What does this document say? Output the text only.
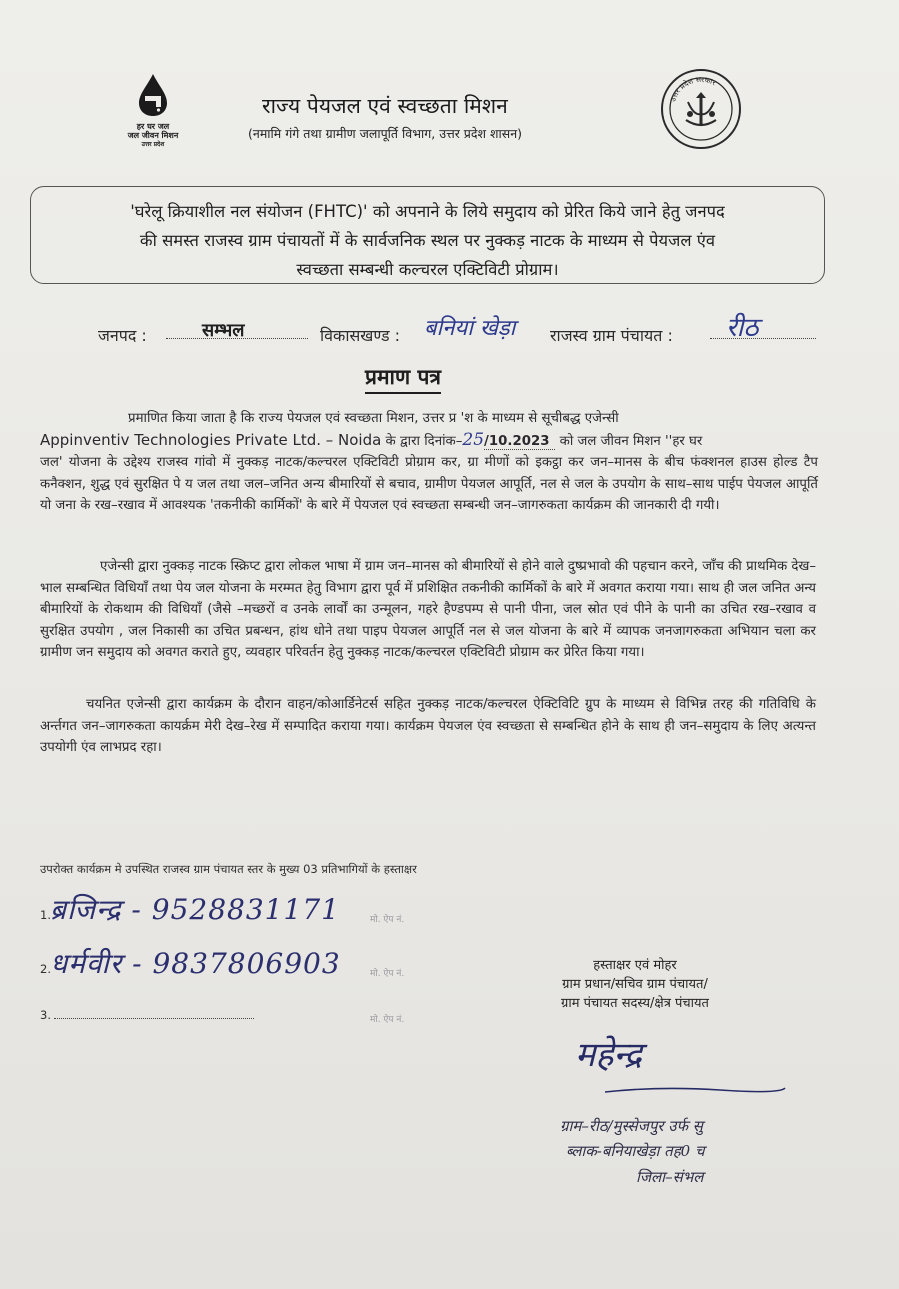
हर घर जल
जल जीवन मिशन
उत्तर प्रदेश
राज्य पेयजल एवं स्वच्छता मिशन
(नमामि गंगे तथा ग्रामीण जलापूर्ति विभाग, उत्तर प्रदेश शासन)
उत्तर प्रदेश सरकार
'घरेलू क्रियाशील नल संयोजन (FHTC)' को अपनाने के लिये समुदाय को प्रेरित किये जाने हेतु जनपद
की समस्त राजस्व ग्राम पंचायतों में के सार्वजनिक स्थल पर नुक्कड़ नाटक के माध्यम से पेयजल एंव
स्वच्छता सम्बन्धी कल्चरल एक्टिविटी प्रोग्राम।
जनपद :	सम्भल	विकासखण्ड : बनियां खेड़ा राजस्व ग्राम पंचायत : रीठ
प्रमाण पत्र
प्रमाणित किया जाता है कि राज्य पेयजल एवं स्वच्छता मिशन, उत्तर प्र 'श के माध्यम से सूचीबद्ध एजेन्सी
Appinventiv Technologies Private Ltd. – Noida के द्वारा दिनांक–25/10.2023 को जल जीवन मिशन ''हर घर
जल' योजना के उद्देश्य राजस्व गांवो में नुक्कड़ नाटक/कल्चरल एक्टिविटी प्रोग्राम कर, ग्रा मीणों को इकट्ठा कर जन–मानस के बीच फंक्शनल हाउस होल्ड टैप कनैक्शन, शुद्ध एवं सुरक्षित पे य जल तथा जल–जनित अन्य बीमारियों से बचाव, ग्रामीण पेयजल आपूर्ति, नल से जल के उपयोग के साथ–साथ पाईप पेयजल आपूर्ति यो जना के रख–रखाव में आवश्यक 'तकनीकी कार्मिकों' के बारे में पेयजल एवं स्वच्छता सम्बन्धी जन–जागरुकता कार्यक्रम की जानकारी दी गयी।
एजेन्सी द्वारा नुक्कड़ नाटक स्क्रिप्ट द्वारा लोकल भाषा में ग्राम जन–मानस को बीमारियों से होने वाले दुष्प्रभावो की पहचान करने, जाँच की प्राथमिक देख–भाल सम्बन्धित विधियाँ तथा पेय जल योजना के मरम्मत हेतु विभाग द्वारा पूर्व में प्रशिक्षित तकनीकी कार्मिकों के बारे में अवगत कराया गया। साथ ही जल जनित अन्य बीमारियों के रोकथाम की विधियाँ (जैसे –मच्छरों व उनके लार्वों का उन्मूलन, गहरे हैण्डपम्प से पानी पीना, जल स्रोत एवं पीने के पानी का उचित रख–रखाव व सुरक्षित उपयोग , जल निकासी का उचित प्रबन्धन, हांथ धोने तथा पाइप पेयजल आपूर्ति नल से जल योजना के बारे में व्यापक जनजागरुकता अभियान चला कर ग्रामीण जन समुदाय को अवगत कराते हुए, व्यवहार परिवर्तन हेतु नुक्कड़ नाटक/कल्चरल एक्टिविटी प्रोग्राम कर प्रेरित किया गया।
चयनित एजेन्सी द्वारा कार्यक्रम के दौरान वाहन/कोआर्डिनेटर्स सहित नुक्कड़ नाटक/कल्चरल ऐक्टिविटि ग्रुप के माध्यम से विभिन्न तरह की गतिविधि के अर्न्तगत जन–जागरुकता कायर्क्रम मेरी देख–रेख में सम्पादित कराया गया। कार्यक्रम पेयजल एंव स्वच्छता से सम्बन्धित होने के साथ ही जन–समुदाय के लिए अत्यन्त उपयोगी एंव लाभप्रद रहा।
उपरोक्त कार्यक्रम मे उपस्थित राजस्व ग्राम पंचायत स्तर के मुख्य 03 प्रतिभागियों के हस्ताक्षर
1. ब्रजिन्द्र - 9528831171	मो. ऐप नं.
2. धर्मवीर - 9837806903	मो. ऐप नं.
3.	मो. ऐप नं.
हस्ताक्षर एवं मोहर
ग्राम प्रधान/सचिव ग्राम पंचायत/
ग्राम पंचायत सदस्य/क्षेत्र पंचायत
महेन्द्र
ग्राम–रीठ/मुस्सेजपुर उर्फ सु
ब्लाक-बनियाखेड़ा तह0 च
जिला–संभल
